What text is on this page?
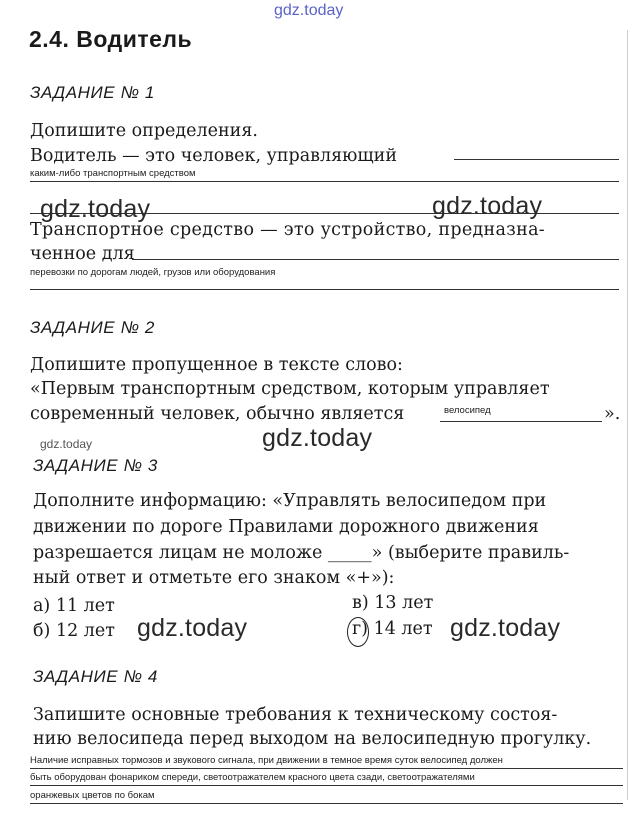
gdz.today
2.4. Водитель
ЗАДАНИЕ № 1
Допишите определения.
Водитель — это человек, управляющий
каким-либо транспортным средством
gdz.today	gdz.today
Транспортное средство — это устройство, предназна-
ченное для
перевозки по дорогам людей, грузов или оборудования
ЗАДАНИЕ № 2
Допишите пропущенное в тексте слово:
«Первым транспортным средством, которым управляет
современный человек, обычно является	велосипед	».
gdz.today	gdz.today
ЗАДАНИЕ № 3
Дополните информацию: «Управлять велосипедом при
движении по дороге Правилами дорожного движения
разрешается лицам не моложе _____» (выберите правиль-
ный ответ и отметьте его знаком «+»):
а) 11 лет	в) 13 лет
б) 12 лет	г) 14 лет
gdz.today	gdz.today
ЗАДАНИЕ № 4
Запишите основные требования к техническому состоя-
нию велосипеда перед выходом на велосипедную прогулку.
Наличие исправных тормозов и звукового сигнала, при движении в темное время суток велосипед должен
быть оборудован фонариком спереди, светоотражателем красного цвета сзади, светоотражателями
оранжевых цветов по бокам
